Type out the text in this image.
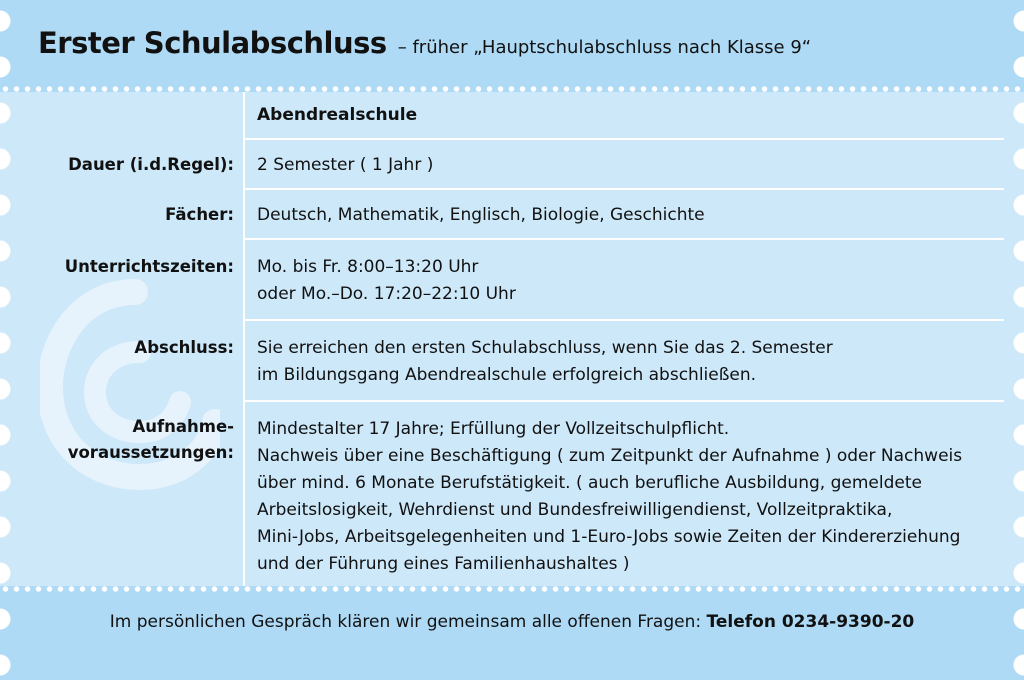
Erster Schulabschluss – früher „Hauptschulabschluss nach Klasse 9“
Abendrealschule
Dauer (i.d.Regel): 2 Semester ( 1 Jahr )
Fächer: Deutsch, Mathematik, Englisch, Biologie, Geschichte
Unterrichtszeiten: Mo. bis Fr. 8:00–13:20 Uhr
oder Mo.–Do. 17:20–22:10 Uhr
Abschluss: Sie erreichen den ersten Schulabschluss, wenn Sie das 2. Semester
im Bildungsgang Abendrealschule erfolgreich abschließen.
Aufnahme-
voraussetzungen:
Mindestalter 17 Jahre; Erfüllung der Vollzeitschulpflicht.
Nachweis über eine Beschäftigung ( zum Zeitpunkt der Aufnahme ) oder Nachweis
über mind. 6 Monate Berufstätigkeit. ( auch berufliche Ausbildung, gemeldete
Arbeitslosigkeit, Wehrdienst und Bundesfreiwilligendienst, Vollzeitpraktika,
Mini-Jobs, Arbeitsgelegenheiten und 1-Euro-Jobs sowie Zeiten der Kindererziehung
und der Führung eines Familienhaushaltes )
Im persönlichen Gespräch klären wir gemeinsam alle offenen Fragen: Telefon 0234-9390-20
